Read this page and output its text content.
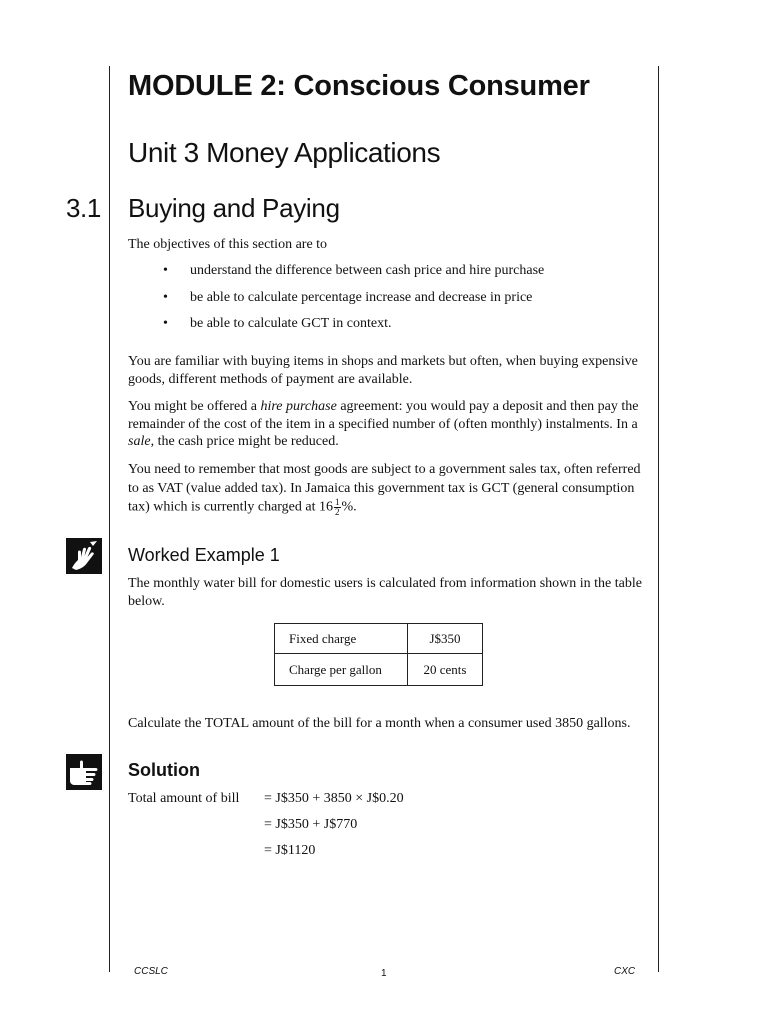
MODULE 2: Conscious Consumer
Unit 3 Money Applications
3.1 Buying and Paying

The objectives of this section are to

• understand the difference between cash price and hire purchase
• be able to calculate percentage increase and decrease in price
• be able to calculate GCT in context.

You are familiar with buying items in shops and markets but often, when buying expensive goods, different methods of payment are available.

You might be offered a hire purchase agreement: you would pay a deposit and then pay the remainder of the cost of the item in a specified number of (often monthly) instalments. In a sale, the cash price might be reduced.

You need to remember that most goods are subject to a government sales tax, often referred to as VAT (value added tax). In Jamaica this government tax is GCT (general consumption tax) which is currently charged at $16 \frac{1}{2}$ %.

Worked Example 1

The monthly water bill for domestic users is calculated from information shown in the table below.

Fixed charge	J$350
Charge per gallon	20 cents

Calculate the TOTAL amount of the bill for a month when a consumer used 3850 gallons.

Solution
Total amount of bill = J$350 + 3850 × J$0.20
= J$350 + J$770
= J$1120
CCSLC	1	CXC
